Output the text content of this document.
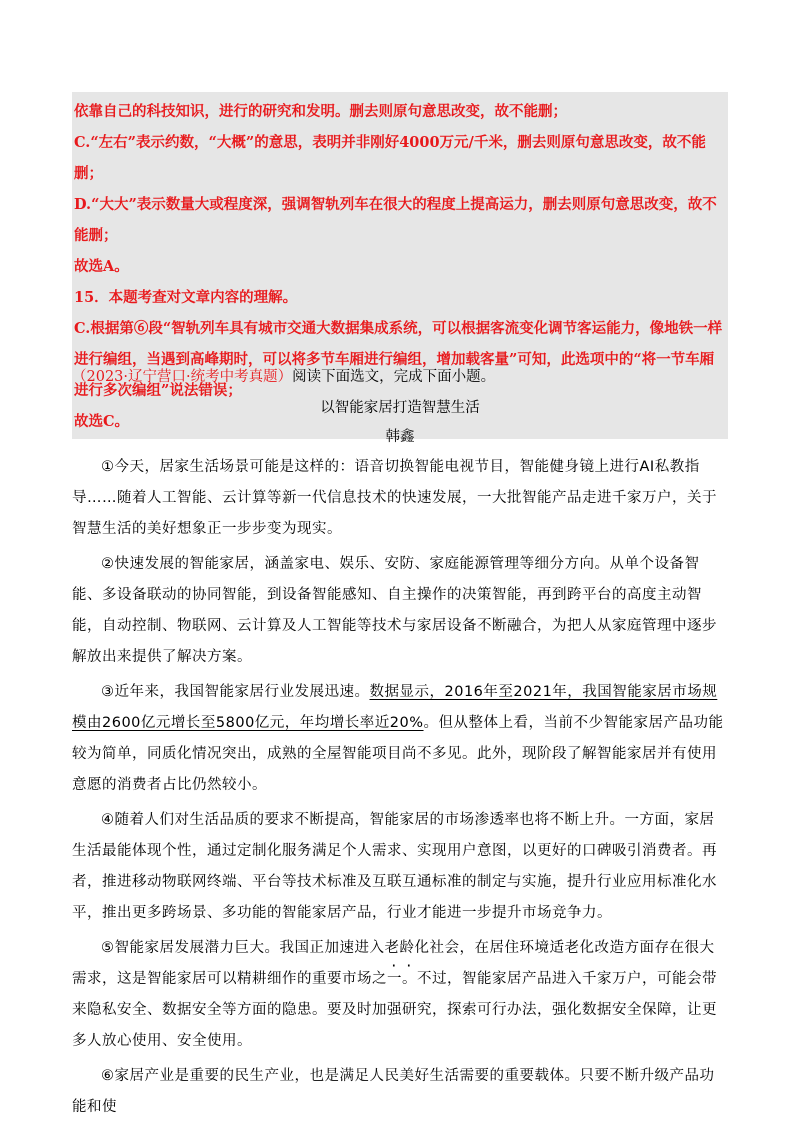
依靠自己的科技知识，进行的研究和发明。删去则原句意思改变，故不能删；

C.“左右”表示约数，“大概”的意思，表明并非刚好4000万元/千米，删去则原句意思改变，故不能删；

D.“大大”表示数量大或程度深，强调智轨列车在很大的程度上提高运力，删去则原句意思改变，故不能删；

故选A。

15．本题考查对文章内容的理解。

C.根据第⑥段“智轨列车具有城市交通大数据集成系统，可以根据客流变化调节客运能力，像地铁一样进行编组，当遇到高峰期时，可以将多节车厢进行编组，增加载客量”可知，此选项中的“将一节车厢进行多次编组”说法错误；

故选C。

（2023·辽宁营口·统考中考真题）阅读下面选文，完成下面小题。
以智能家居打造智慧生活
韩鑫

①今天，居家生活场景可能是这样的：语音切换智能电视节目，智能健身镜上进行AI私教指导……随着人工智能、云计算等新一代信息技术的快速发展，一大批智能产品走进千家万户，关于智慧生活的美好想象正一步步变为现实。

②快速发展的智能家居，涵盖家电、娱乐、安防、家庭能源管理等细分方向。从单个设备智能、多设备联动的协同智能，到设备智能感知、自主操作的决策智能，再到跨平台的高度主动智能，自动控制、物联网、云计算及人工智能等技术与家居设备不断融合，为把人从家庭管理中逐步解放出来提供了解决方案。

③近年来，我国智能家居行业发展迅速。数据显示，2016年至2021年，我国智能家居市场规模由2600亿元增长至5800亿元，年均增长率近20%。但从整体上看，当前不少智能家居产品功能较为简单，同质化情况突出，成熟的全屋智能项目尚不多见。此外，现阶段了解智能家居并有使用意愿的消费者占比仍然较小。

④随着人们对生活品质的要求不断提高，智能家居的市场渗透率也将不断上升。一方面，家居生活最能体现个性，通过定制化服务满足个人需求、实现用户意图，以更好的口碑吸引消费者。再者，推进移动物联网终端、平台等技术标准及互联互通标准的制定与实施，提升行业应用标准化水平，推出更多跨场景、多功能的智能家居产品，行业才能进一步提升市场竞争力。

⑤智能家居发展潜力巨大。我国正加速进入老龄化社会，在居住环境适老化改造方面存在很大需求，这是智能家居可以精耕细作的重要市场之一。不过，智能家居产品进入千家万户，可能会带来隐私安全、数据安全等方面的隐患。要及时加强研究，探索可行办法，强化数据安全保障，让更多人放心使用、安全使用。

⑥家居产业是重要的民生产业，也是满足人民美好生活需要的重要载体。只要不断升级产品功能和使
